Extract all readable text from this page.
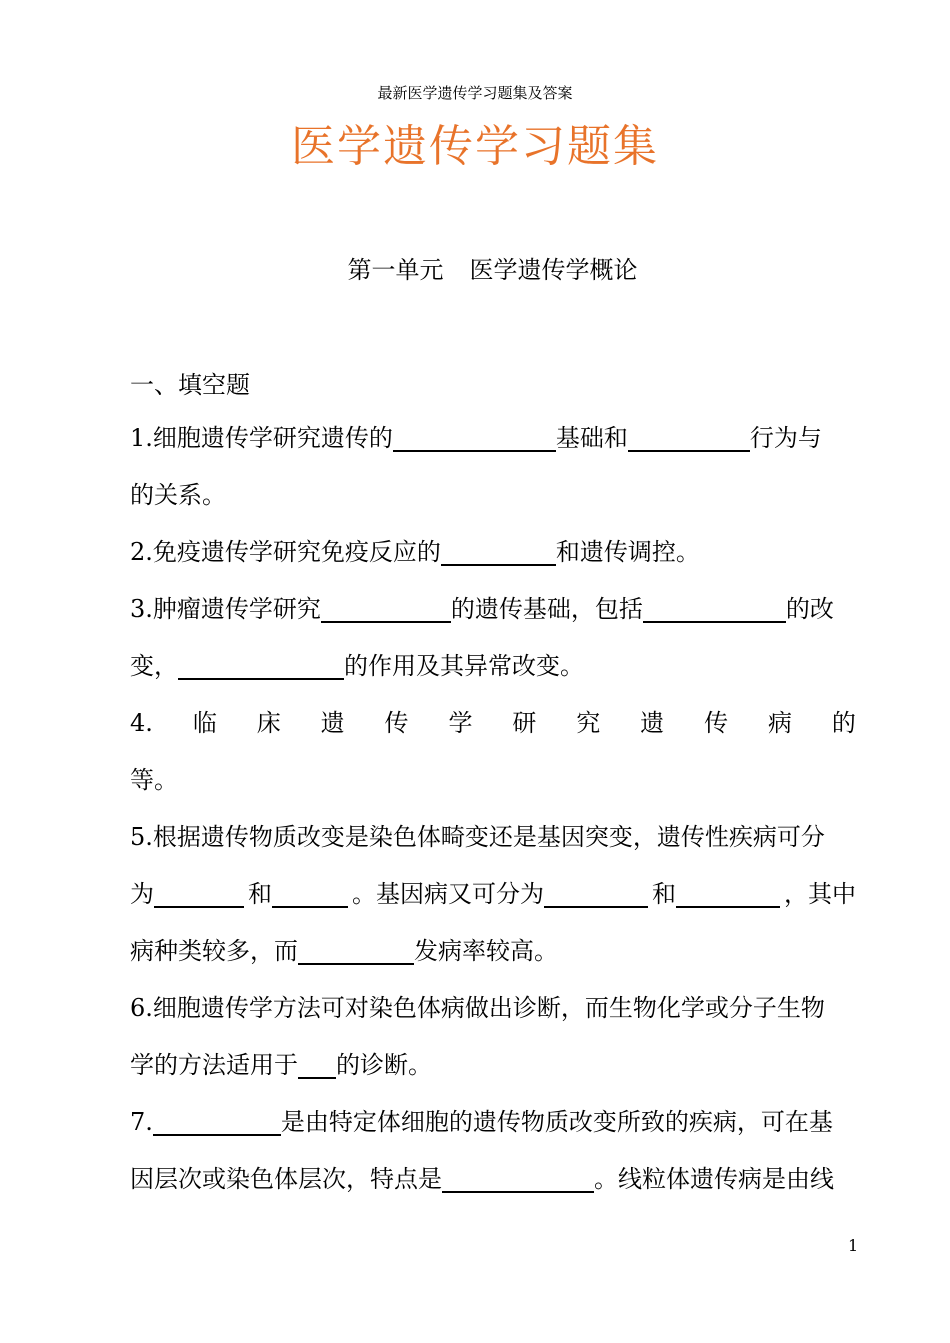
最新医学遗传学习题集及答案
医学遗传学习题集
第一单元 医学遗传学概论
一、填空题
1.细胞遗传学研究遗传的	基础和	行为与
的关系。
2.免疫遗传学研究免疫反应的	和遗传调控。
3.肿瘤遗传学研究	的遗传基础，包括	的改
变，	的作用及其异常改变。
4. 临 床 遗 传 学 研 究 遗 传 病 的
等。
5.根据遗传物质改变是染色体畸变还是基因突变，遗传性疾病可分
为	和	。基因病又可分为	和	，其中
病种类较多，而	发病率较高。
6.细胞遗传学方法可对染色体病做出诊断，而生物化学或分子生物
学的方法适用于 的诊断。
7.	是由特定体细胞的遗传物质改变所致的疾病，可在基
因层次或染色体层次，特点是	。线粒体遗传病是由线
1
